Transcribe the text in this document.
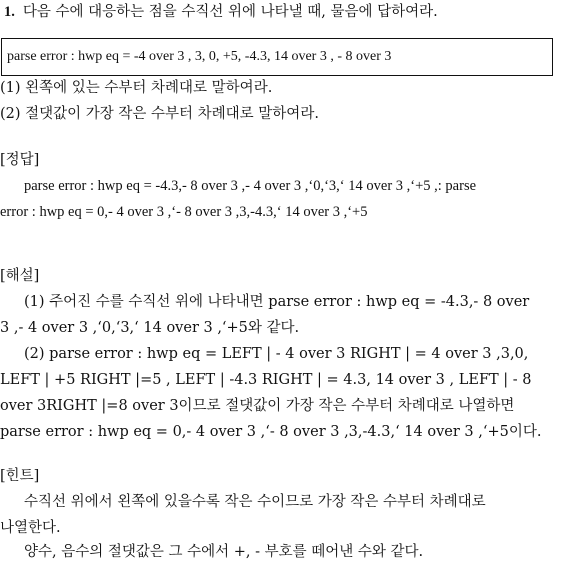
1. 다음 수에 대응하는 점을 수직선 위에 나타낼 때, 물음에 답하여라.
parse error : hwp eq = -4 over 3 , 3, 0, +5, -4.3, 14 over 3 , - 8 over 3
(1) 왼쪽에 있는 수부터 차례대로 말하여라.
(2) 절댓값이 가장 작은 수부터 차례대로 말하여라.
[정답]
parse error : hwp eq = -4.3,- 8 over 3 ,- 4 over 3 ,‘0,‘3,‘ 14 over 3 ,‘+5 ,: parse
error : hwp eq = 0,- 4 over 3 ,‘- 8 over 3 ,3,-4.3,‘ 14 over 3 ,‘+5
[해설]
(1) 주어진 수를 수직선 위에 나타내면 parse error : hwp eq = -4.3,- 8 over
3 ,- 4 over 3 ,‘0,‘3,‘ 14 over 3 ,‘+5와 같다.
(2) parse error : hwp eq = LEFT | - 4 over 3 RIGHT | = 4 over 3 ,3,0,
LEFT | +5 RIGHT |=5 , LEFT | -4.3 RIGHT | = 4.3, 14 over 3 , LEFT | - 8
over 3RIGHT |=8 over 3이므로 절댓값이 가장 작은 수부터 차례대로 나열하면
parse error : hwp eq = 0,- 4 over 3 ,‘- 8 over 3 ,3,-4.3,‘ 14 over 3 ,‘+5이다.
[힌트]
수직선 위에서 왼쪽에 있을수록 작은 수이므로 가장 작은 수부터 차례대로
나열한다.
양수, 음수의 절댓값은 그 수에서 +, - 부호를 떼어낸 수와 같다.
